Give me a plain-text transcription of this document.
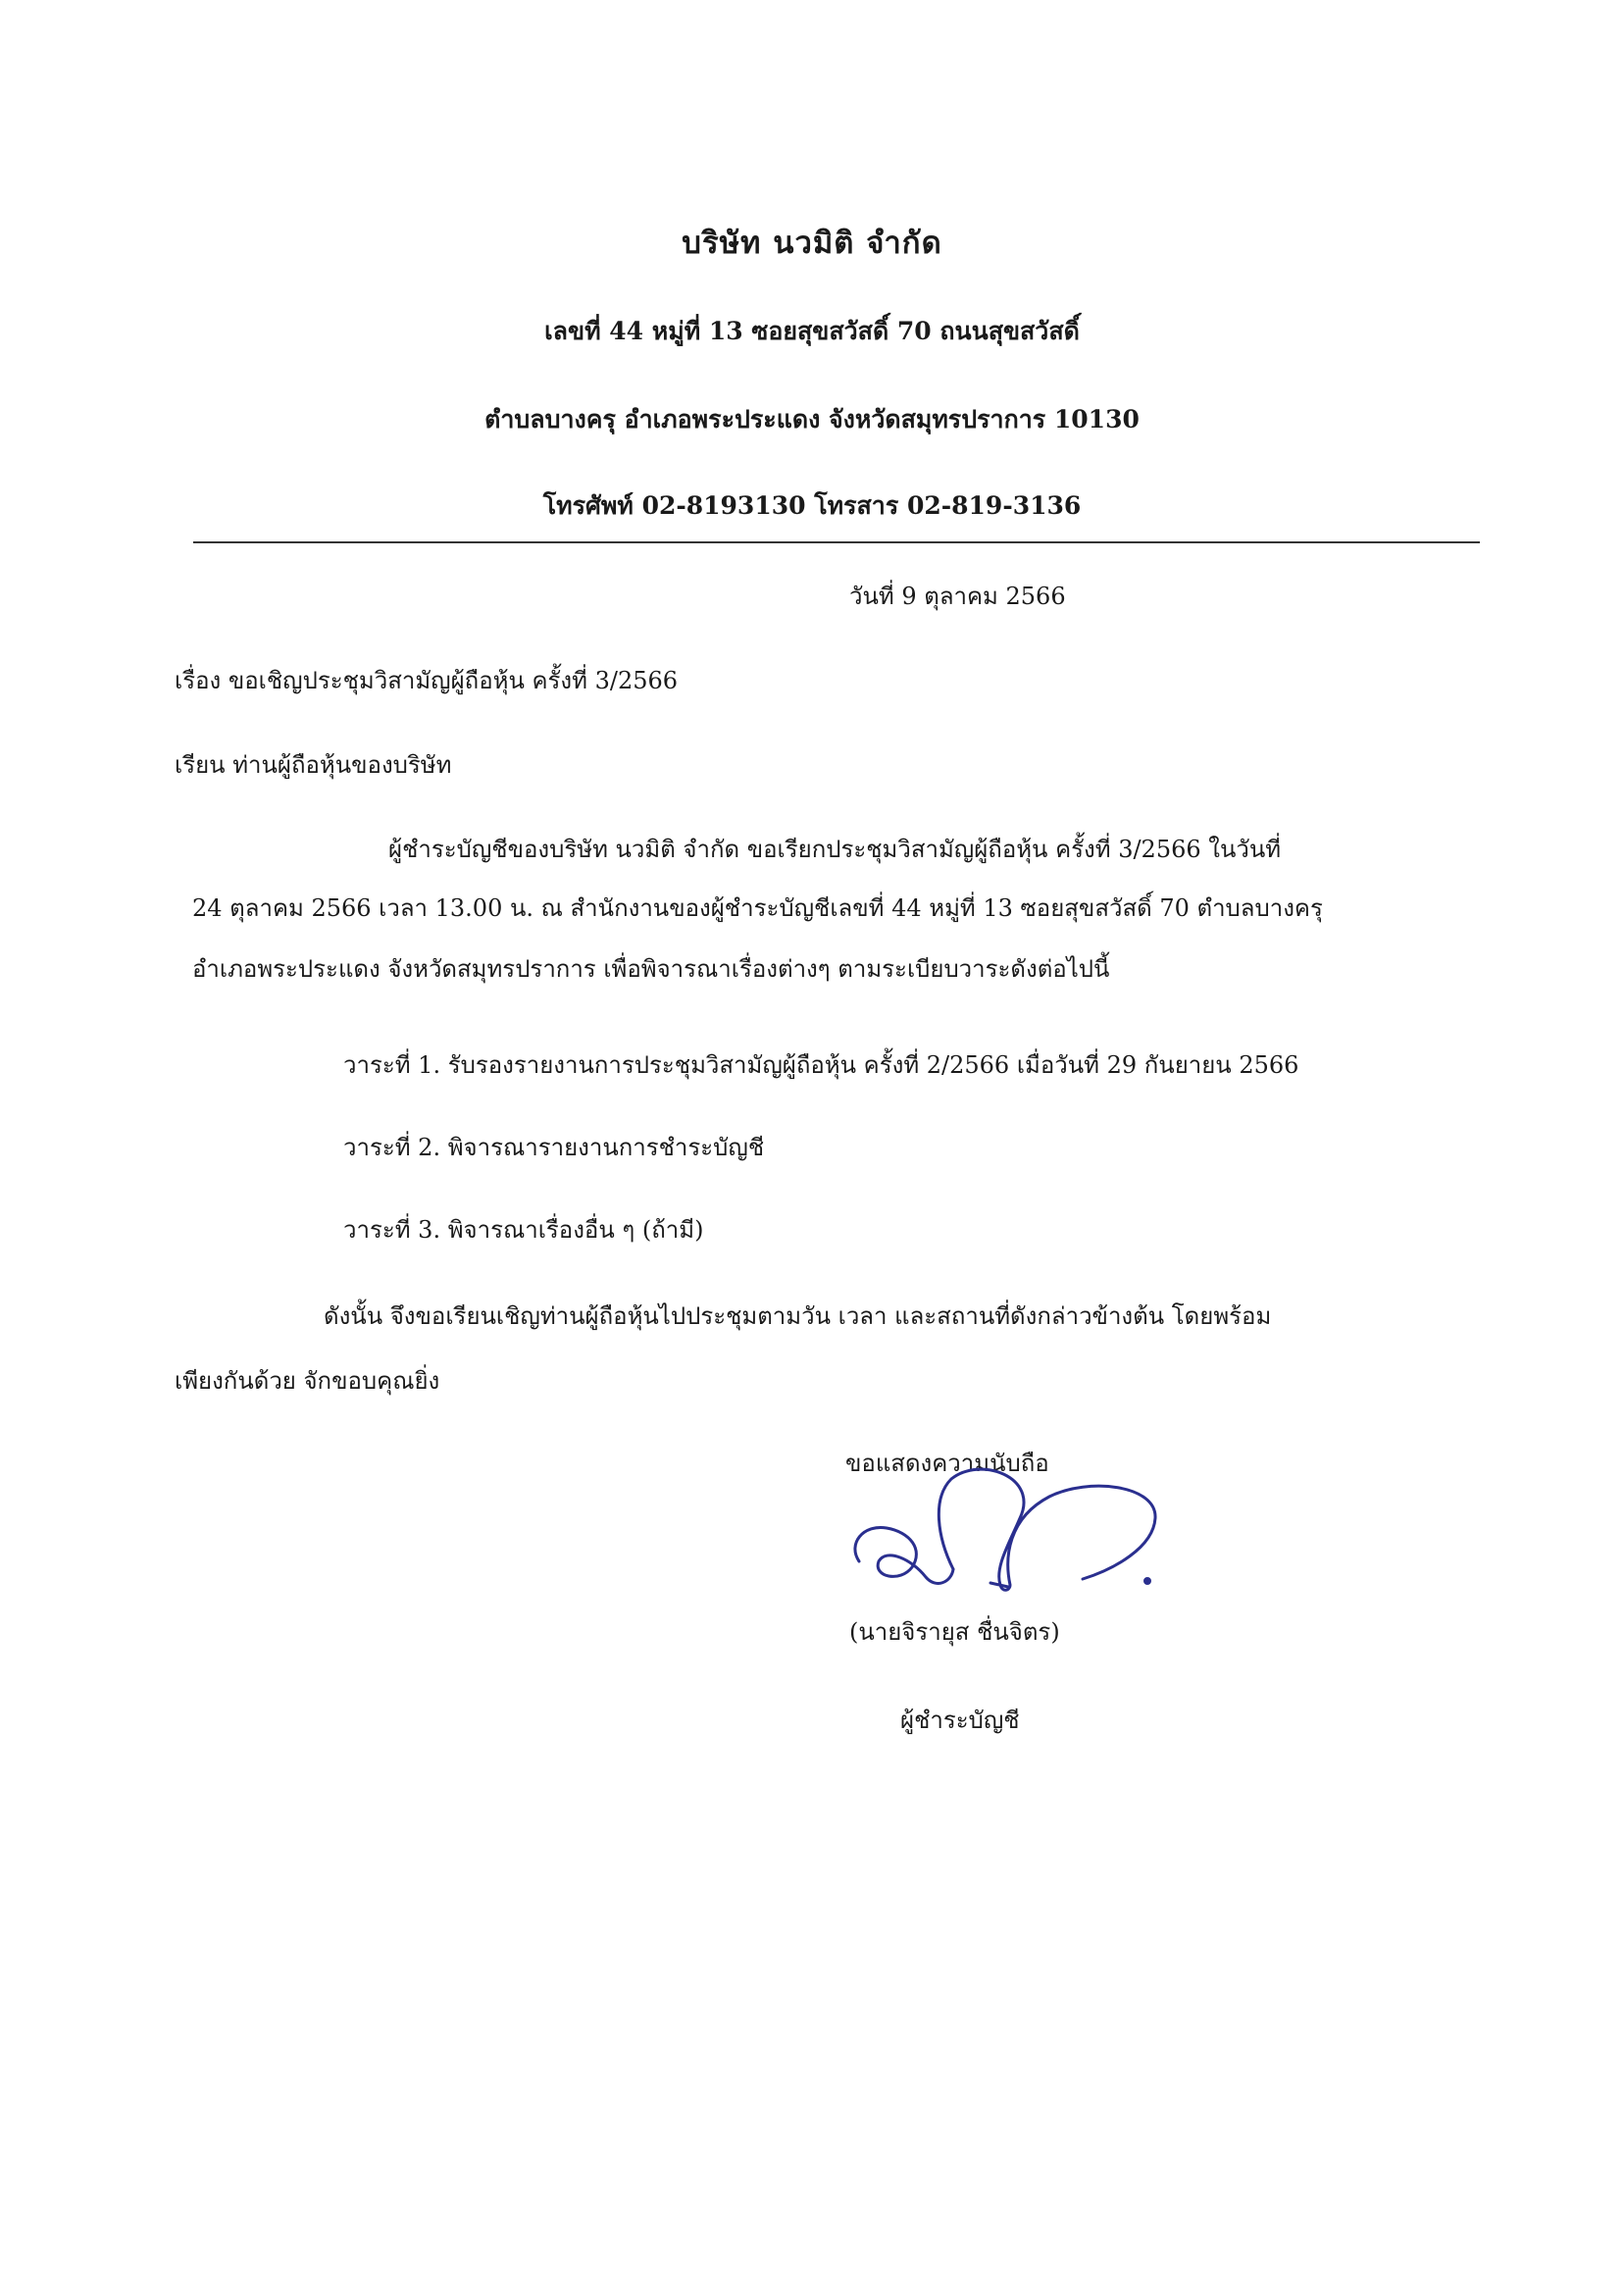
บริษัท นวมิติ จำกัด
เลขที่ 44 หมู่ที่ 13 ซอยสุขสวัสดิ์ 70 ถนนสุขสวัสดิ์
ตำบลบางครุ อำเภอพระประแดง จังหวัดสมุทรปราการ 10130
โทรศัพท์ 02-8193130 โทรสาร 02-819-3136
วันที่ 9 ตุลาคม 2566
เรื่อง ขอเชิญประชุมวิสามัญผู้ถือหุ้น ครั้งที่ 3/2566
เรียน ท่านผู้ถือหุ้นของบริษัท
ผู้ชำระบัญชีของบริษัท นวมิติ จำกัด ขอเรียกประชุมวิสามัญผู้ถือหุ้น ครั้งที่ 3/2566 ในวันที่
24 ตุลาคม 2566 เวลา 13.00 น. ณ สำนักงานของผู้ชำระบัญชีเลขที่ 44 หมู่ที่ 13 ซอยสุขสวัสดิ์ 70 ตำบลบางครุ
อำเภอพระประแดง จังหวัดสมุทรปราการ เพื่อพิจารณาเรื่องต่างๆ ตามระเบียบวาระดังต่อไปนี้
วาระที่ 1. รับรองรายงานการประชุมวิสามัญผู้ถือหุ้น ครั้งที่ 2/2566 เมื่อวันที่ 29 กันยายน 2566
วาระที่ 2. พิจารณารายงานการชำระบัญชี
วาระที่ 3. พิจารณาเรื่องอื่น ๆ (ถ้ามี)
ดังนั้น จึงขอเรียนเชิญท่านผู้ถือหุ้นไปประชุมตามวัน เวลา และสถานที่ดังกล่าวข้างต้น โดยพร้อม
เพียงกันด้วย จักขอบคุณยิ่ง
ขอแสดงความนับถือ
(นายจิรายุส ชื่นจิตร)
ผู้ชำระบัญชี
